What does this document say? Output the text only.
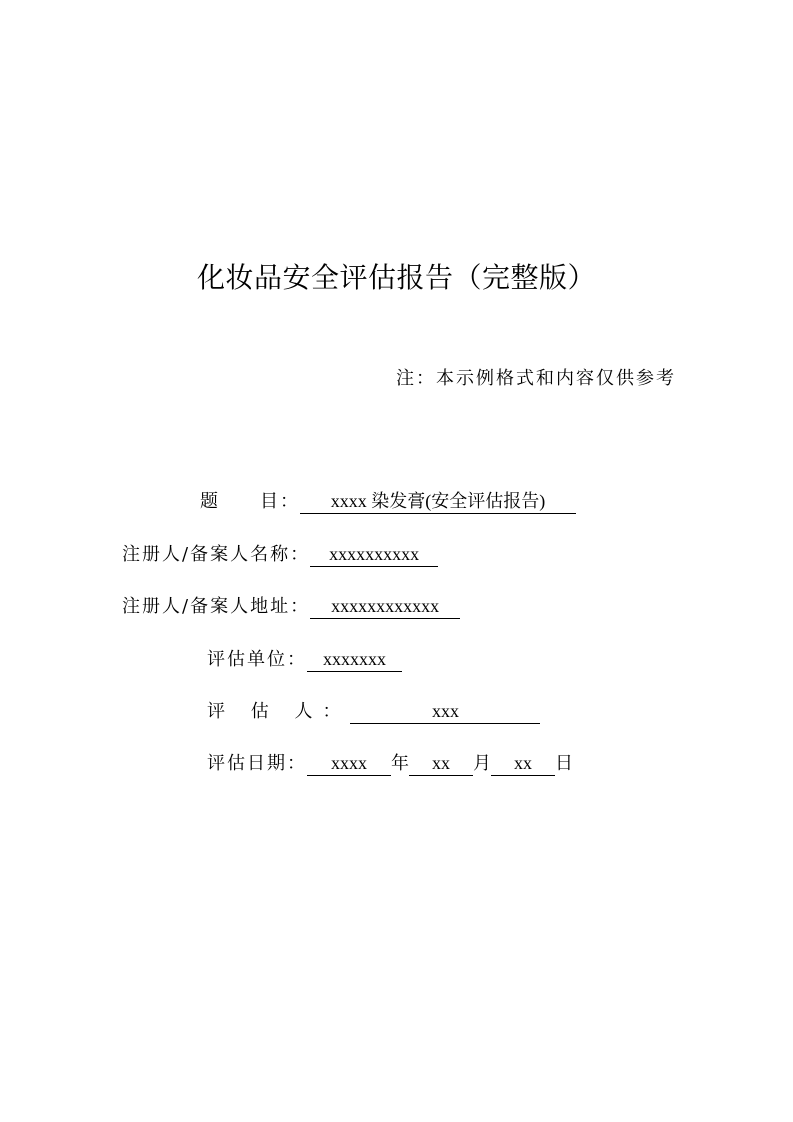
化妆品安全评估报告（完整版）
注：本示例格式和内容仅供参考
题　　目：	xxxx 染发膏(安全评估报告)
注册人/备案人名称：	xxxxxxxxxx
注册人/备案人地址：	xxxxxxxxxxxx
评估单位： xxxxxxx
评 估 人：	xxx
评估日期：	xxxx	年	xx	月	xx	日
